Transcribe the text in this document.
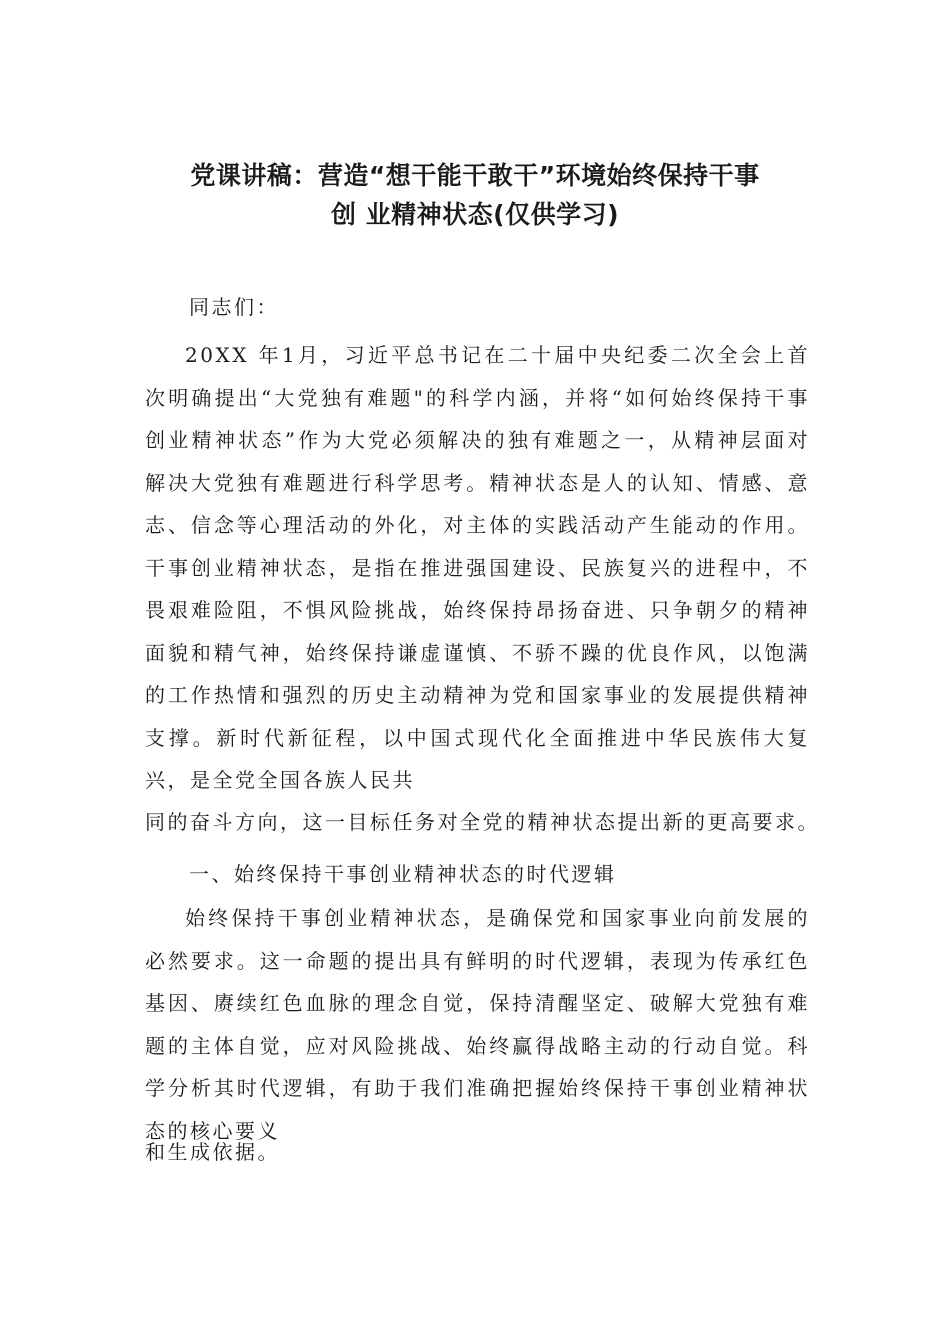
党课讲稿：营造“想干能干敢干”环境始终保持干事
创 业精神状态(仅供学习)

同志们：

20XX 年1月，习近平总书记在二十届中央纪委二次全会上首次明确提出“大党独有难题"的科学内涵，并将“如何始终保持干事创业精神状态”作为大党必须解决的独有难题之一，从精神层面对解决大党独有难题进行科学思考。精神状态是人的认知、情感、意志、信念等心理活动的外化，对主体的实践活动产生能动的作用。干事创业精神状态，是指在推进强国建设、民族复兴的进程中，不畏艰难险阻，不惧风险挑战，始终保持昂扬奋进、只争朝夕的精神面貌和精气神，始终保持谦虚谨慎、不骄不躁的优良作风，以饱满的工作热情和强烈的历史主动精神为党和国家事业的发展提供精神支撑。新时代新征程，以中国式现代化全面推进中华民族伟大复兴，是全党全国各族人民共

同的奋斗方向，这一目标任务对全党的精神状态提出新的更高要求。

一、始终保持干事创业精神状态的时代逻辑

始终保持干事创业精神状态，是确保党和国家事业向前发展的必然要求。这一命题的提出具有鲜明的时代逻辑，表现为传承红色基因、赓续红色血脉的理念自觉，保持清醒坚定、破解大党独有难题的主体自觉，应对风险挑战、始终赢得战略主动的行动自觉。科学分析其时代逻辑，有助于我们准确把握始终保持干事创业精神状态的核心要义

和生成依据。
